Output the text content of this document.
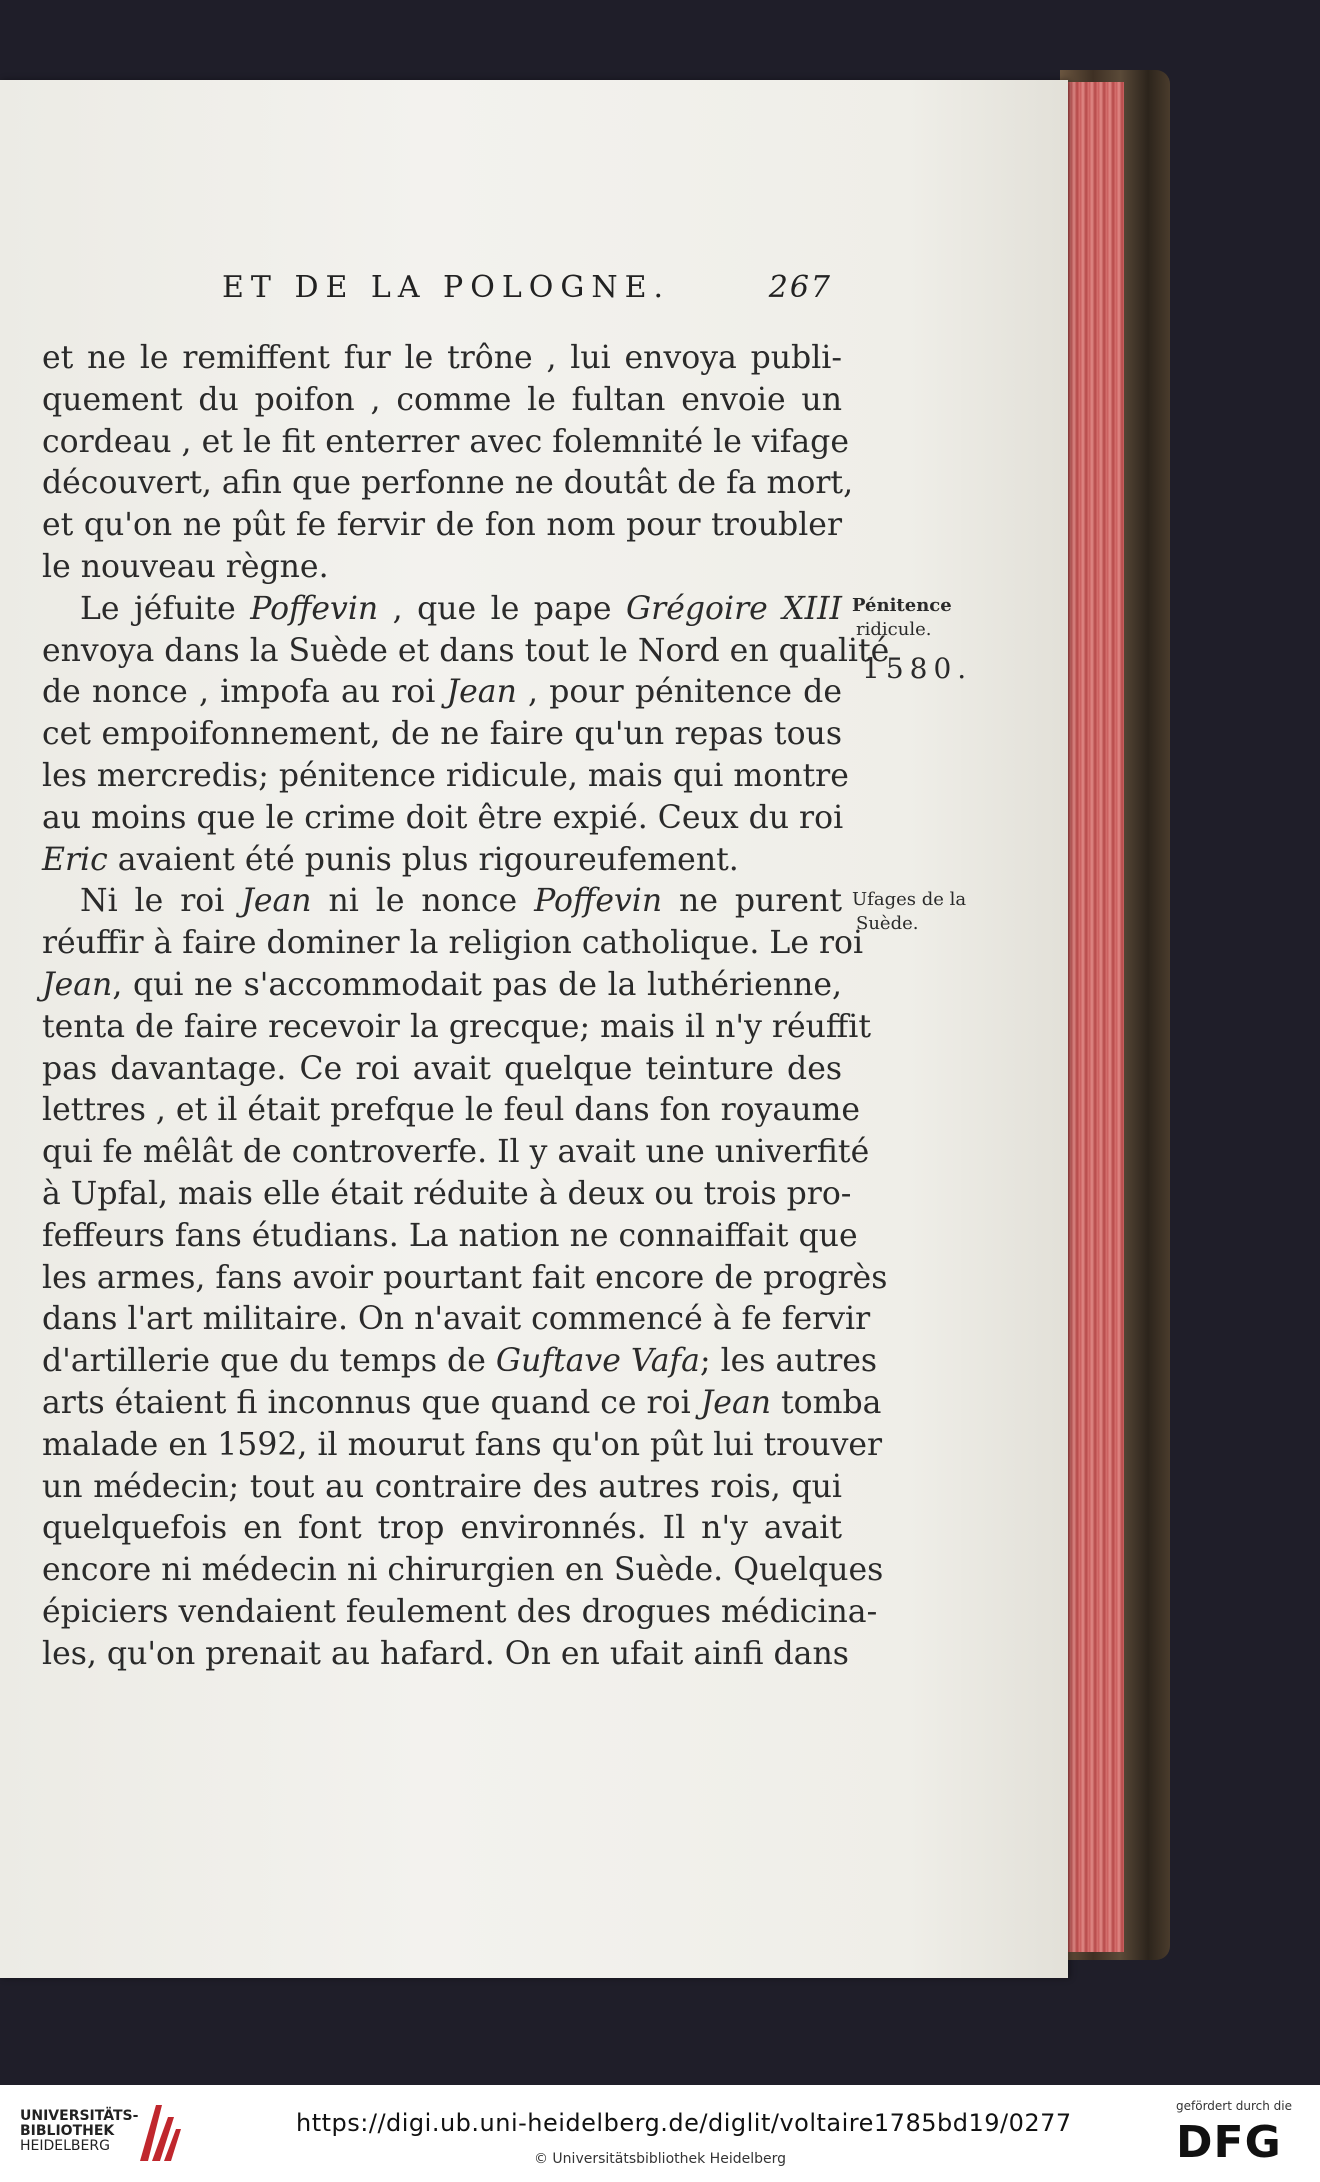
ET DE LA POLOGNE.	267
et ne le remiffent fur le trône , lui envoya publi-
quement du poifon , comme le fultan envoie un
cordeau , et le fit enterrer avec folemnité le vifage
découvert, afin que perfonne ne doutât de fa mort,
et qu'on ne pût fe fervir de fon nom pour troubler
le nouveau règne.
Le jéfuite Poffevin , que le pape Grégoire XIII
envoya dans la Suède et dans tout le Nord en qualité
de nonce , impofa au roi Jean , pour pénitence de
cet empoifonnement, de ne faire qu'un repas tous
les mercredis; pénitence ridicule, mais qui montre
au moins que le crime doit être expié. Ceux du roi
Eric avaient été punis plus rigoureufement.
Ni le roi Jean ni le nonce Poffevin ne purent
réuffir à faire dominer la religion catholique. Le roi
Jean, qui ne s'accommodait pas de la luthérienne,
tenta de faire recevoir la grecque; mais il n'y réuffit
pas davantage. Ce roi avait quelque teinture des
lettres , et il était prefque le feul dans fon royaume
qui fe mêlât de controverfe. Il y avait une univerfité
à Upfal, mais elle était réduite à deux ou trois pro-
feffeurs fans étudians. La nation ne connaiffait que
les armes, fans avoir pourtant fait encore de progrès
dans l'art militaire. On n'avait commencé à fe fervir
d'artillerie que du temps de Guftave Vafa; les autres
arts étaient fi inconnus que quand ce roi Jean tomba
malade en 1592, il mourut fans qu'on pût lui trouver
un médecin; tout au contraire des autres rois, qui
quelquefois en font trop environnés. Il n'y avait
encore ni médecin ni chirurgien en Suède. Quelques
épiciers vendaient feulement des drogues médicina-
les, qu'on prenait au hafard. On en ufait ainfi dans
Pénitence
ridicule.
1580.
Ufages de la
Suède.
UNIVERSITÄTS-
BIBLIOTHEK
HEIDELBERG
https://digi.ub.uni-heidelberg.de/diglit/voltaire1785bd19/0277
© Universitätsbibliothek Heidelberg
gefördert durch die
DFG
